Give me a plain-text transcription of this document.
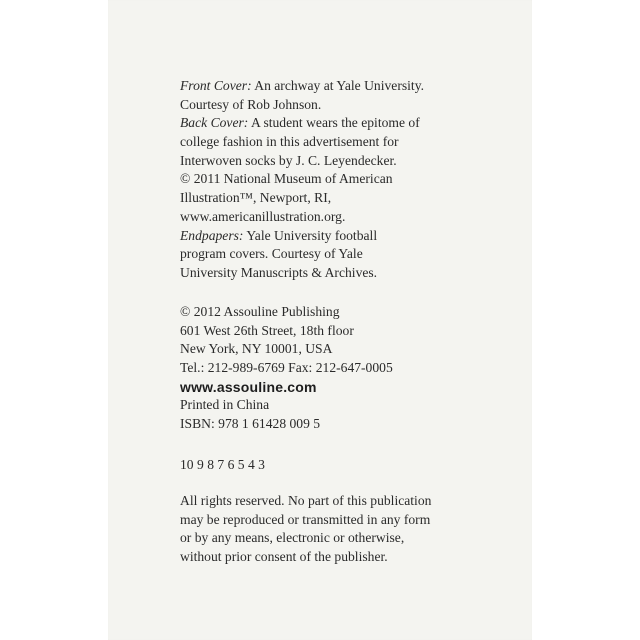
Front Cover: An archway at Yale University.
Courtesy of Rob Johnson.
Back Cover: A student wears the epitome of
college fashion in this advertisement for
Interwoven socks by J. C. Leyendecker.
© 2011 National Museum of American
Illustration™, Newport, RI,
www.americanillustration.org.
Endpapers: Yale University football
program covers. Courtesy of Yale
University Manuscripts & Archives.
© 2012 Assouline Publishing
601 West 26th Street, 18th floor
New York, NY 10001, USA
Tel.: 212-989-6769 Fax: 212-647-0005
www.assouline.com
Printed in China
ISBN: 978 1 61428 009 5
10 9 8 7 6 5 4 3
All rights reserved. No part of this publication
may be reproduced or transmitted in any form
or by any means, electronic or otherwise,
without prior consent of the publisher.
